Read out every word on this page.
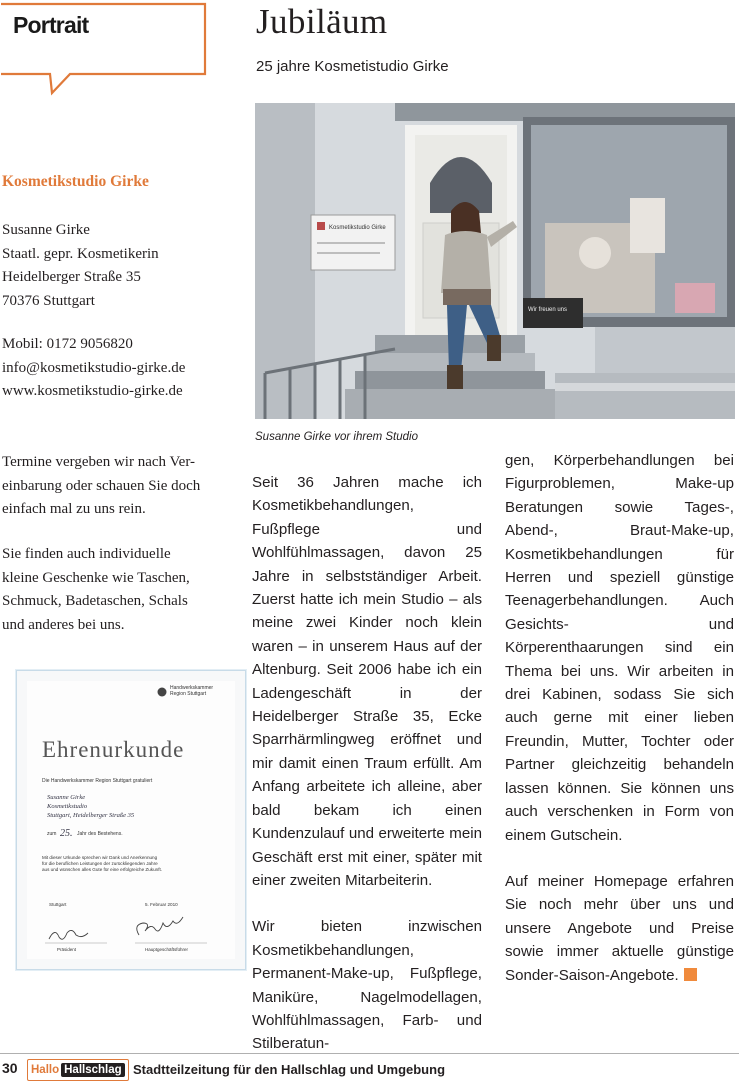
Portrait	Jubiläum
25 jahre Kosmetistudio Girke
Kosmetikstudio Girke
Susanne Girke
Staatl. gepr. Kosmetikerin
Heidelberger Straße 35
70376 Stuttgart
Mobil: 0172 9056820
info@kosmetikstudio-girke.de
www.kosmetikstudio-girke.de
Termine vergeben wir nach Ver-
einbarung oder schauen Sie doch
einfach mal zu uns rein.
Sie finden auch individuelle
kleine Geschenke wie Taschen,
Schmuck, Badetaschen, Schals
und anderes bei uns.
Kosmetikstudio Girke
Wir freuen uns
Susanne Girke vor ihrem Studio
Handwerkskammer
Region Stuttgart
Ehrenurkunde
Die Handwerkskammer Region Stuttgart gratuliert
Susanne Girke
Kosmetikstudio
Stuttgart, Heidelberger Straße 35
zum 25. Jahr des Bestehens.
Mit dieser Urkunde sprechen wir Dank und Anerkennung
für die beruflichen Leistungen der zurückliegenden Jahre
aus und wünschen alles Gute für eine erfolgreiche Zukunft.
Stuttgart	5. Februar 2010
Präsident	Hauptgeschäftsführer

Seit 36 Jahren mache ich Kosmetikbehandlungen, Fußpflege und Wohlfühlmassagen, davon 25 Jahre in selbstständiger Arbeit. Zuerst hatte ich mein Studio – als meine zwei Kinder noch klein waren – in unserem Haus auf der Altenburg. Seit 2006 habe ich ein Ladengeschäft in der Heidelberger Straße 35, Ecke Sparrhärmlingweg eröffnet und mir damit einen Traum erfüllt. Am Anfang arbeitete ich alleine, aber bald bekam ich einen Kundenzulauf und erweiterte mein Geschäft erst mit einer, später mit einer zweiten Mitarbeiterin.

Wir bieten inzwischen Kosmetikbehandlungen, Permanent-Make-up, Fußpflege, Maniküre, Nagelmodellagen, Wohlfühlmassagen, Farb- und Stilberatun-

gen, Körperbehandlungen bei Figurproblemen, Make-up Beratungen sowie Tages-, Abend-, Braut-Make-up, Kosmetikbehandlungen für Herren und speziell günstige Teenagerbehandlungen. Auch Gesichts- und Körperenthaarungen sind ein Thema bei uns. Wir arbeiten in drei Kabinen, sodass Sie sich auch gerne mit einer lieben Freundin, Mutter, Tochter oder Partner gleichzeitig behandeln lassen können. Sie können uns auch verschenken in Form von einem Gutschein.

Auf meiner Homepage erfahren Sie noch mehr über uns und unsere Angebote und Preise sowie immer aktuelle günstige Sonder-Saison-Angebote.

30 Hallo Hallschlag Stadtteilzeitung für den Hallschlag und Umgebung
